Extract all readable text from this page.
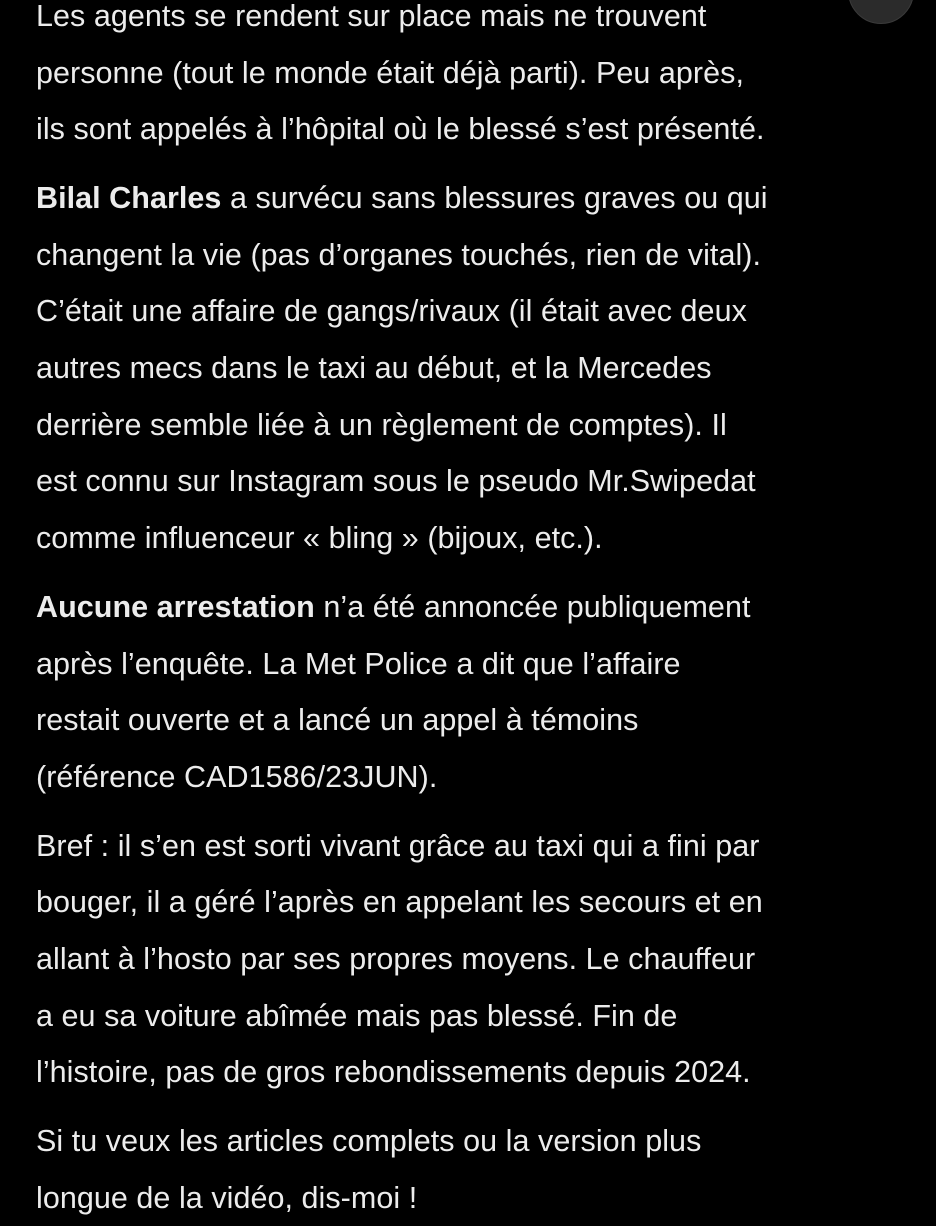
Les agents se rendent sur place mais ne trouvent
personne (tout le monde était déjà parti). Peu après,
ils sont appelés à l’hôpital où le blessé s’est présenté.
Bilal Charles a survécu sans blessures graves ou qui
changent la vie (pas d’organes touchés, rien de vital).
C’était une affaire de gangs/rivaux (il était avec deux
autres mecs dans le taxi au début, et la Mercedes
derrière semble liée à un règlement de comptes). Il
est connu sur Instagram sous le pseudo Mr.Swipedat
comme influenceur « bling » (bijoux, etc.).
Aucune arrestation n’a été annoncée publiquement
après l’enquête. La Met Police a dit que l’affaire
restait ouverte et a lancé un appel à témoins
(référence CAD1586/23JUN).
Bref : il s’en est sorti vivant grâce au taxi qui a fini par
bouger, il a géré l’après en appelant les secours et en
allant à l’hosto par ses propres moyens. Le chauffeur
a eu sa voiture abîmée mais pas blessé. Fin de
l’histoire, pas de gros rebondissements depuis 2024.
Si tu veux les articles complets ou la version plus
longue de la vidéo, dis-moi !
